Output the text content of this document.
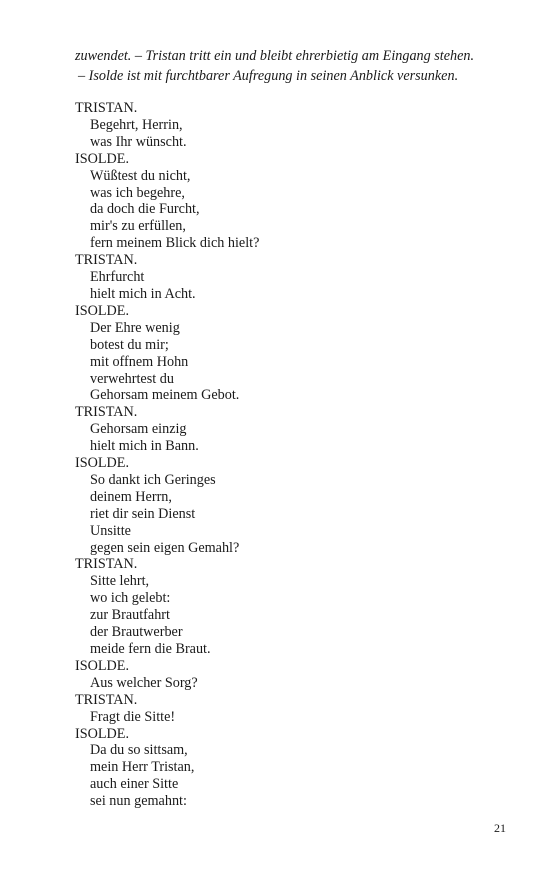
zuwendet. – Tristan tritt ein und bleibt ehrerbietig am Eingang stehen.
– Isolde ist mit furchtbarer Aufregung in seinen Anblick versunken.

TRISTAN.
Begehrt, Herrin,
was Ihr wünscht.
ISOLDE.
Wüßtest du nicht,
was ich begehre,
da doch die Furcht,
mir's zu erfüllen,
fern meinem Blick dich hielt?
TRISTAN.
Ehrfurcht
hielt mich in Acht.
ISOLDE.
Der Ehre wenig
botest du mir;
mit offnem Hohn
verwehrtest du
Gehorsam meinem Gebot.
TRISTAN.
Gehorsam einzig
hielt mich in Bann.
ISOLDE.
So dankt ich Geringes
deinem Herrn,
riet dir sein Dienst
Unsitte
gegen sein eigen Gemahl?
TRISTAN.
Sitte lehrt,
wo ich gelebt:
zur Brautfahrt
der Brautwerber
meide fern die Braut.
ISOLDE.
Aus welcher Sorg?
TRISTAN.
Fragt die Sitte!
ISOLDE.
Da du so sittsam,
mein Herr Tristan,
auch einer Sitte
sei nun gemahnt:
21
